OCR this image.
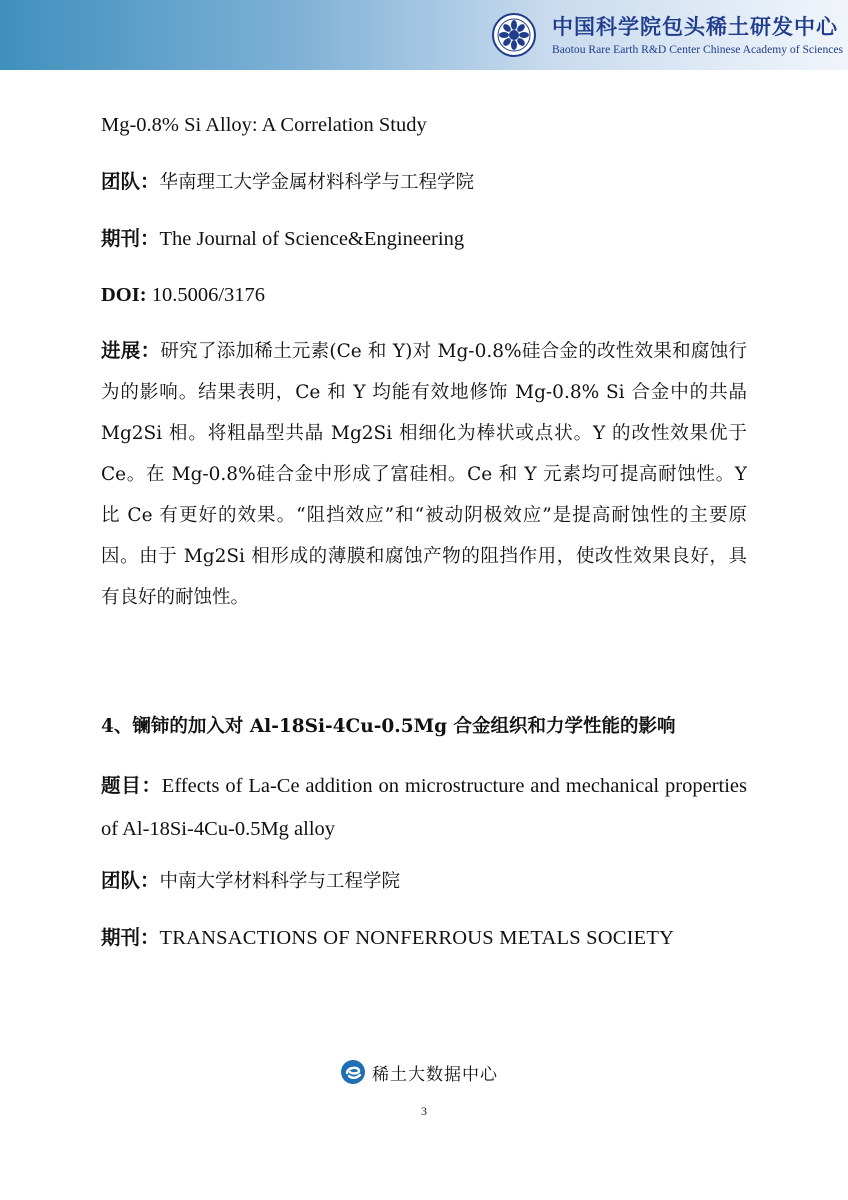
中国科学院包头稀土研发中心
Baotou Rare Earth R&D Center Chinese Academy of Sciences

Mg-0.8% Si Alloy: A Correlation Study

团队：华南理工大学金属材料科学与工程学院

期刊：The Journal of Science&Engineering

DOI: 10.5006/3176

进展：研究了添加稀土元素(Ce 和 Y)对 Mg-0.8%硅合金的改性效果和腐蚀行为的影响。结果表明，Ce 和 Y 均能有效地修饰 Mg-0.8% Si 合金中的共晶 Mg2Si 相。将粗晶型共晶 Mg2Si 相细化为棒状或点状。Y 的改性效果优于 Ce。在 Mg-0.8%硅合金中形成了富硅相。Ce 和 Y 元素均可提高耐蚀性。Y 比 Ce 有更好的效果。“阻挡效应”和“被动阴极效应”是提高耐蚀性的主要原因。由于 Mg2Si 相形成的薄膜和腐蚀产物的阻挡作用，使改性效果良好，具有良好的耐蚀性。

4、镧铈的加入对 Al-18Si-4Cu-0.5Mg 合金组织和力学性能的影响

题目：Effects of La-Ce addition on microstructure and mechanical properties of Al-18Si-4Cu-0.5Mg alloy

团队：中南大学材料科学与工程学院

期刊：TRANSACTIONS OF NONFERROUS METALS SOCIETY

稀土大数据中心
3
